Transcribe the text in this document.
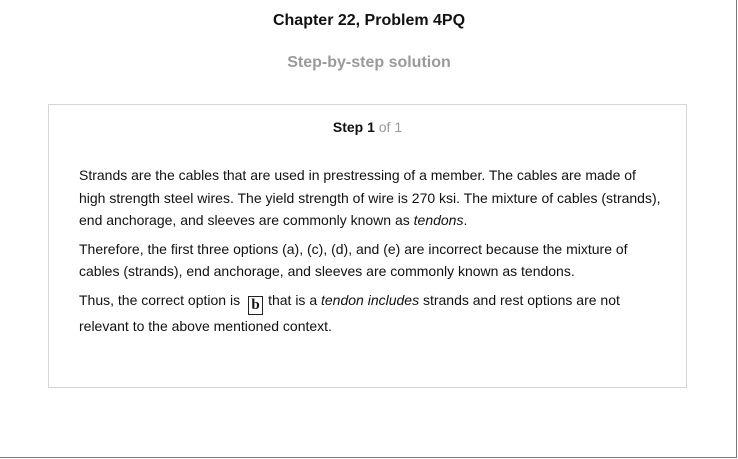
Chapter 22, Problem 4PQ
Step-by-step solution
Step 1 of 1

Strands are the cables that are used in prestressing of a member. The cables are made of high strength steel wires. The yield strength of wire is 270 ksi. The mixture of cables (strands), end anchorage, and sleeves are commonly known as tendons.

Therefore, the first three options (a), (c), (d), and (e) are incorrect because the mixture of cables (strands), end anchorage, and sleeves are commonly known as tendons.

Thus, the correct option is b that is a tendon includes strands and rest options are not relevant to the above mentioned context.
